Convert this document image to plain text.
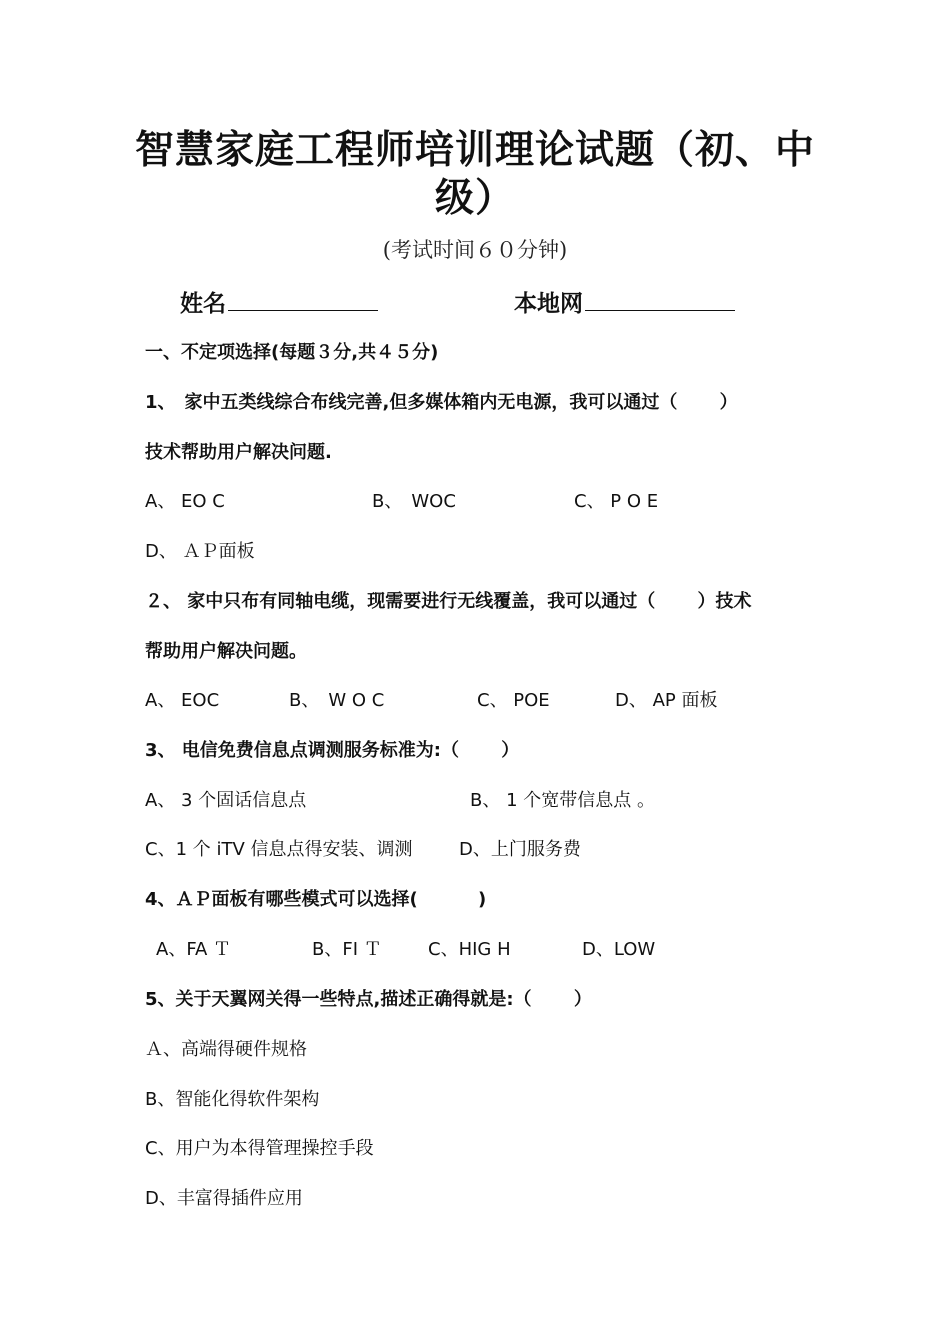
智慧家庭工程师培训理论试题（初、中
级）
(考试时间６０分钟)
姓名	本地网
一、不定项选择(每题３分,共４５分)
1、　家中五类线综合布线完善,但多媒体箱内无电源，我可以通过（　　 ）
技术帮助用户解决问题.
A、 EO C	B、　WOC	C、 P O E
D、 ＡＰ面板
２、 家中只布有同轴电缆，现需要进行无线覆盖，我可以通过（　　 ）技术
帮助用户解决问题。
A、 EOC	B、　W O C	C、 POE	D、 AP 面板
3、 电信免费信息点调测服务标准为:（　　 ）
A、 3 个固话信息点	B、 1 个宽带信息点 。
C、1 个 iTV 信息点得安装、调测	D、上门服务费
4、ＡＰ面板有哪些模式可以选择(　　　 )
A、FA Ｔ	B、FI Ｔ	C、HIG H	D、LOW
5、关于天翼网关得一些特点,描述正确得就是:（　　 ）
Ａ、高端得硬件规格
B、智能化得软件架构
C、用户为本得管理操控手段
D、丰富得插件应用
